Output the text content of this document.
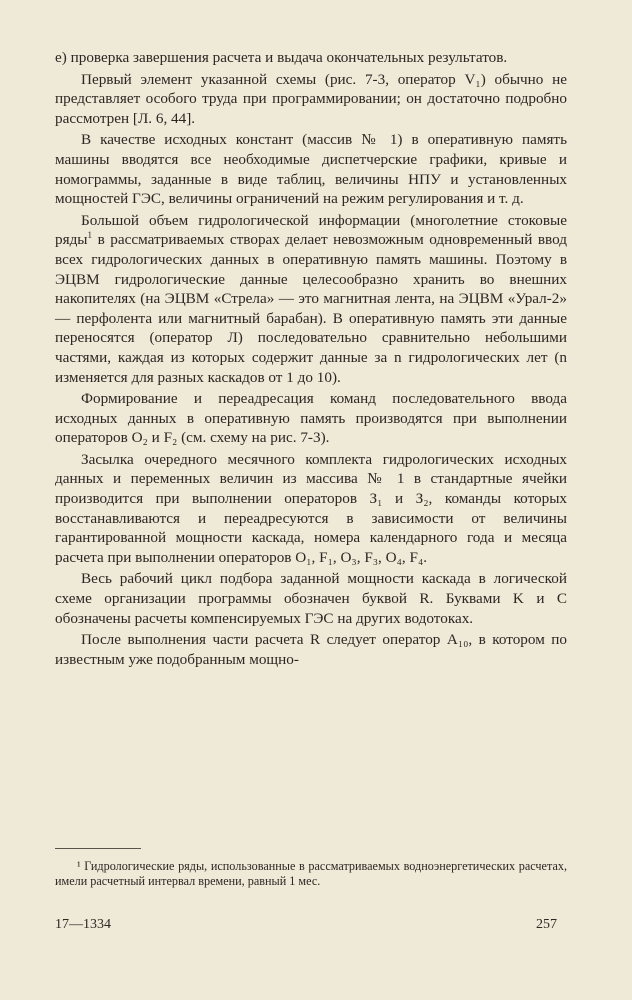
е) проверка завершения расчета и выдача окончательных результатов.

Первый элемент указанной схемы (рис. 7-3, оператор V₁) обычно не представляет особого труда при программировании; он достаточно подробно рассмотрен [Л. 6, 44].

В качестве исходных констант (массив № 1) в оперативную память машины вводятся все необходимые диспетчерские графики, кривые и номограммы, заданные в виде таблиц, величины НПУ и установленных мощностей ГЭС, величины ограничений на режим регулирования и т. д.

Большой объем гидрологической информации (многолетние стоковые ряды$^1$ в рассматриваемых створах делает невозможным одновременный ввод всех гидрологических данных в оперативную память машины. Поэтому в ЭЦВМ гидрологические данные целесообразно хранить во внешних накопителях (на ЭЦВМ «Стрела» — это магнитная лента, на ЭЦВМ «Урал-2» — перфолента или магнитный барабан). В оперативную память эти данные переносятся (оператор Л) последовательно сравнительно небольшими частями, каждая из которых содержит данные за n гидрологических лет (n изменяется для разных каскадов от 1 до 10).

Формирование и переадресация команд последовательного ввода исходных данных в оперативную память производятся при выполнении операторов O₂ и F₂ (см. схему на рис. 7-3).

Засылка очередного месячного комплекта гидрологических исходных данных и переменных величин из массива № 1 в стандартные ячейки производится при выполнении операторов З₁ и З₂, команды которых восстанавливаются и переадресуются в зависимости от величины гарантированной мощности каскада, номера календарного года и месяца расчета при выполнении операторов O₁, F₁, O₃, F₃, O₄, F₄.

Весь рабочий цикл подбора заданной мощности каскада в логической схеме организации программы обозначен буквой R. Буквами K и C обозначены расчеты компенсируемых ГЭС на других водотоках.

После выполнения части расчета R следует оператор A₁₀, в котором по известным уже подобранным мощно-

¹ Гидрологические ряды, использованные в рассматриваемых водноэнергетических расчетах, имели расчетный интервал времени, равный 1 мес.
17—1334	257
